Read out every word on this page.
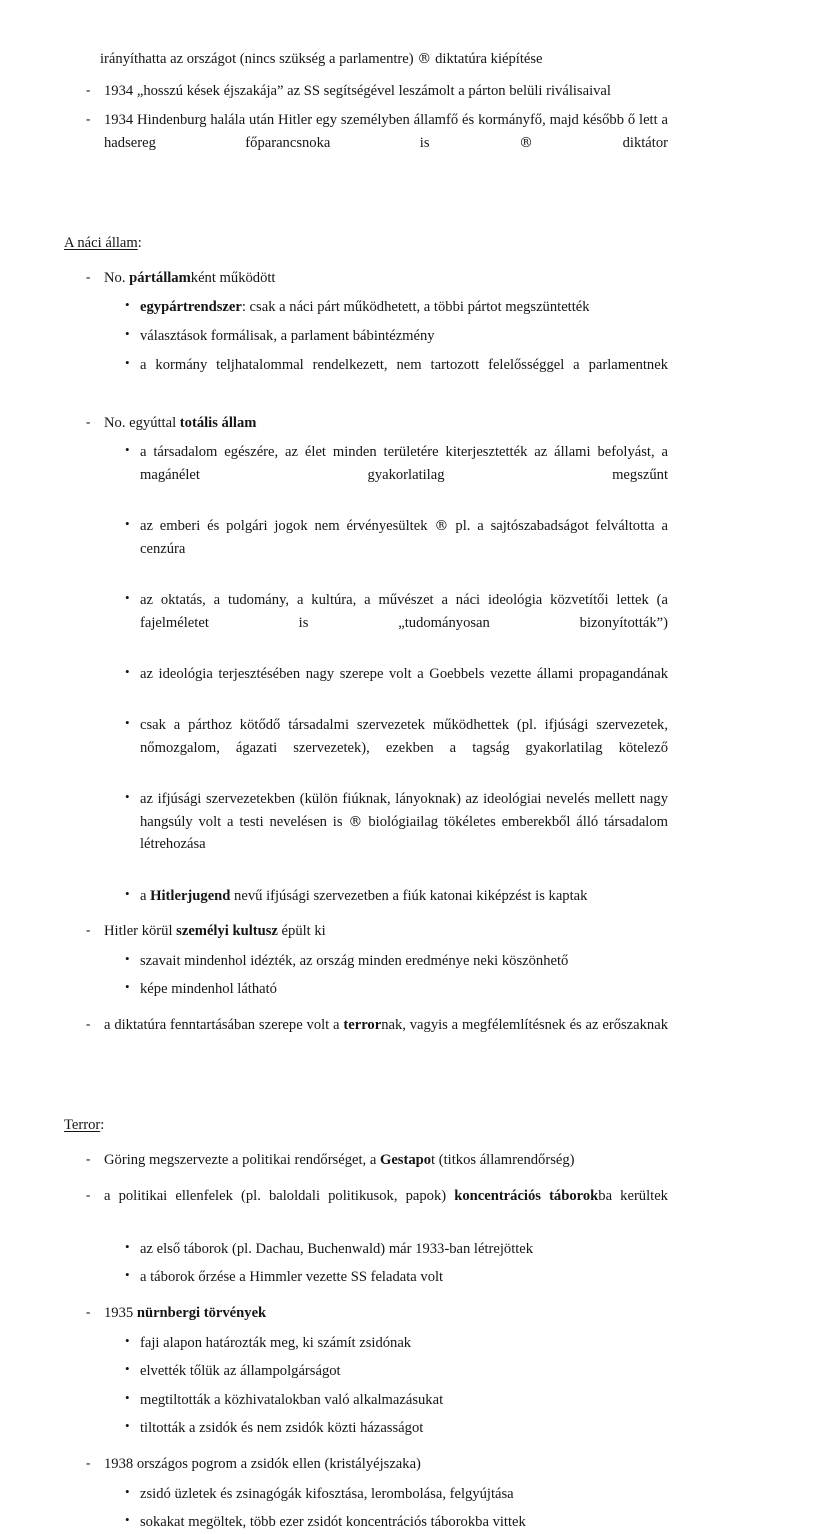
irányíthatta az országot (nincs szükség a parlamentre) ® diktatúra kiépítése

- 1934 „hosszú kések éjszakája” az SS segítségével leszámolt a párton belüli riválisaival

- 1934 Hindenburg halála után Hitler egy személyben államfő és kormányfő, majd később ő lett a hadsereg főparancsnoka is ® diktátor

A náci állam:

- No. pártállamként működött

• egypártrendszer: csak a náci párt működhetett, a többi pártot megszüntették

• választások formálisak, a parlament bábintézmény

• a kormány teljhatalommal rendelkezett, nem tartozott felelősséggel a parlamentnek

- No. egyúttal totális állam

• a társadalom egészére, az élet minden területére kiterjesztették az állami befolyást, a magánélet gyakorlatilag megszűnt

• az emberi és polgári jogok nem érvényesültek ® pl. a sajtószabadságot felváltotta a cenzúra

• az oktatás, a tudomány, a kultúra, a művészet a náci ideológia közvetítői lettek (a fajelméletet is „tudományosan bizonyították”)

• az ideológia terjesztésében nagy szerepe volt a Goebbels vezette állami propagandának

• csak a párthoz kötődő társadalmi szervezetek működhettek (pl. ifjúsági szervezetek, nőmozgalom, ágazati szervezetek), ezekben a tagság gyakorlatilag kötelező

• az ifjúsági szervezetekben (külön fiúknak, lányoknak) az ideológiai nevelés mellett nagy hangsúly volt a testi nevelésen is ® biológiailag tökéletes emberekből álló társadalom létrehozása

• a Hitlerjugend nevű ifjúsági szervezetben a fiúk katonai kiképzést is kaptak

- Hitler körül személyi kultusz épült ki

• szavait mindenhol idézték, az ország minden eredménye neki köszönhető

• képe mindenhol látható

- a diktatúra fenntartásában szerepe volt a terrornak, vagyis a megfélemlítésnek és az erőszaknak

Terror:

- Göring megszervezte a politikai rendőrséget, a Gestapot (titkos államrendőrség)

- a politikai ellenfelek (pl. baloldali politikusok, papok) koncentrációs táborokba kerültek

• az első táborok (pl. Dachau, Buchenwald) már 1933-ban létrejöttek

• a táborok őrzése a Himmler vezette SS feladata volt

- 1935 nürnbergi törvények

• faji alapon határozták meg, ki számít zsidónak

• elvették tőlük az állampolgárságot

• megtiltották a közhivatalokban való alkalmazásukat

• tiltották a zsidók és nem zsidók közti házasságot

- 1938 országos pogrom a zsidók ellen (kristályéjszaka)

• zsidó üzletek és zsinagógák kifosztása, lerombolása, felgyújtása

• sokakat megöltek, több ezer zsidót koncentrációs táborokba vittek
